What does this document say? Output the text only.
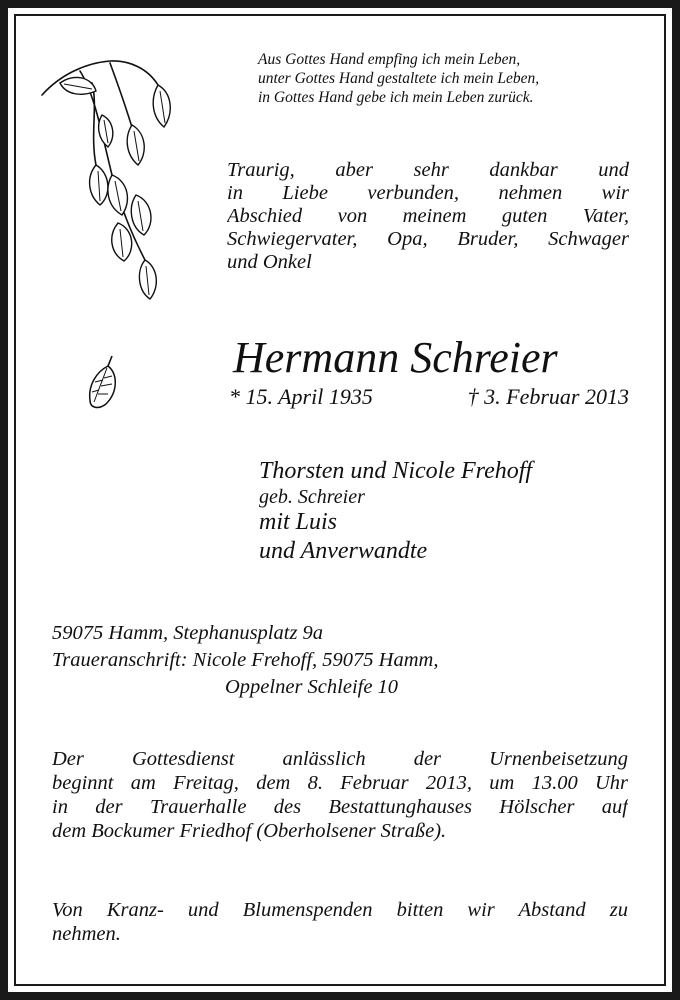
Aus Gottes Hand empfing ich mein Leben,
unter Gottes Hand gestaltete ich mein Leben,
in Gottes Hand gebe ich mein Leben zurück.
Traurig, aber sehr dankbar und
in Liebe verbunden, nehmen wir
Abschied von meinem guten Vater,
Schwiegervater, Opa, Bruder, Schwager
und Onkel
Hermann Schreier
* 15. April 1935	† 3. Februar 2013
Thorsten und Nicole Frehoff
geb. Schreier
mit Luis
und Anverwandte
59075 Hamm, Stephanusplatz 9a
Traueranschrift: Nicole Frehoff, 59075 Hamm,
Oppelner Schleife 10
Der Gottesdienst anlässlich der Urnenbeisetzung
beginnt am Freitag, dem 8. Februar 2013, um 13.00 Uhr
in der Trauerhalle des Bestattunghauses Hölscher auf
dem Bockumer Friedhof (Oberholsener Straße).
Von Kranz- und Blumenspenden bitten wir Abstand zu
nehmen.
